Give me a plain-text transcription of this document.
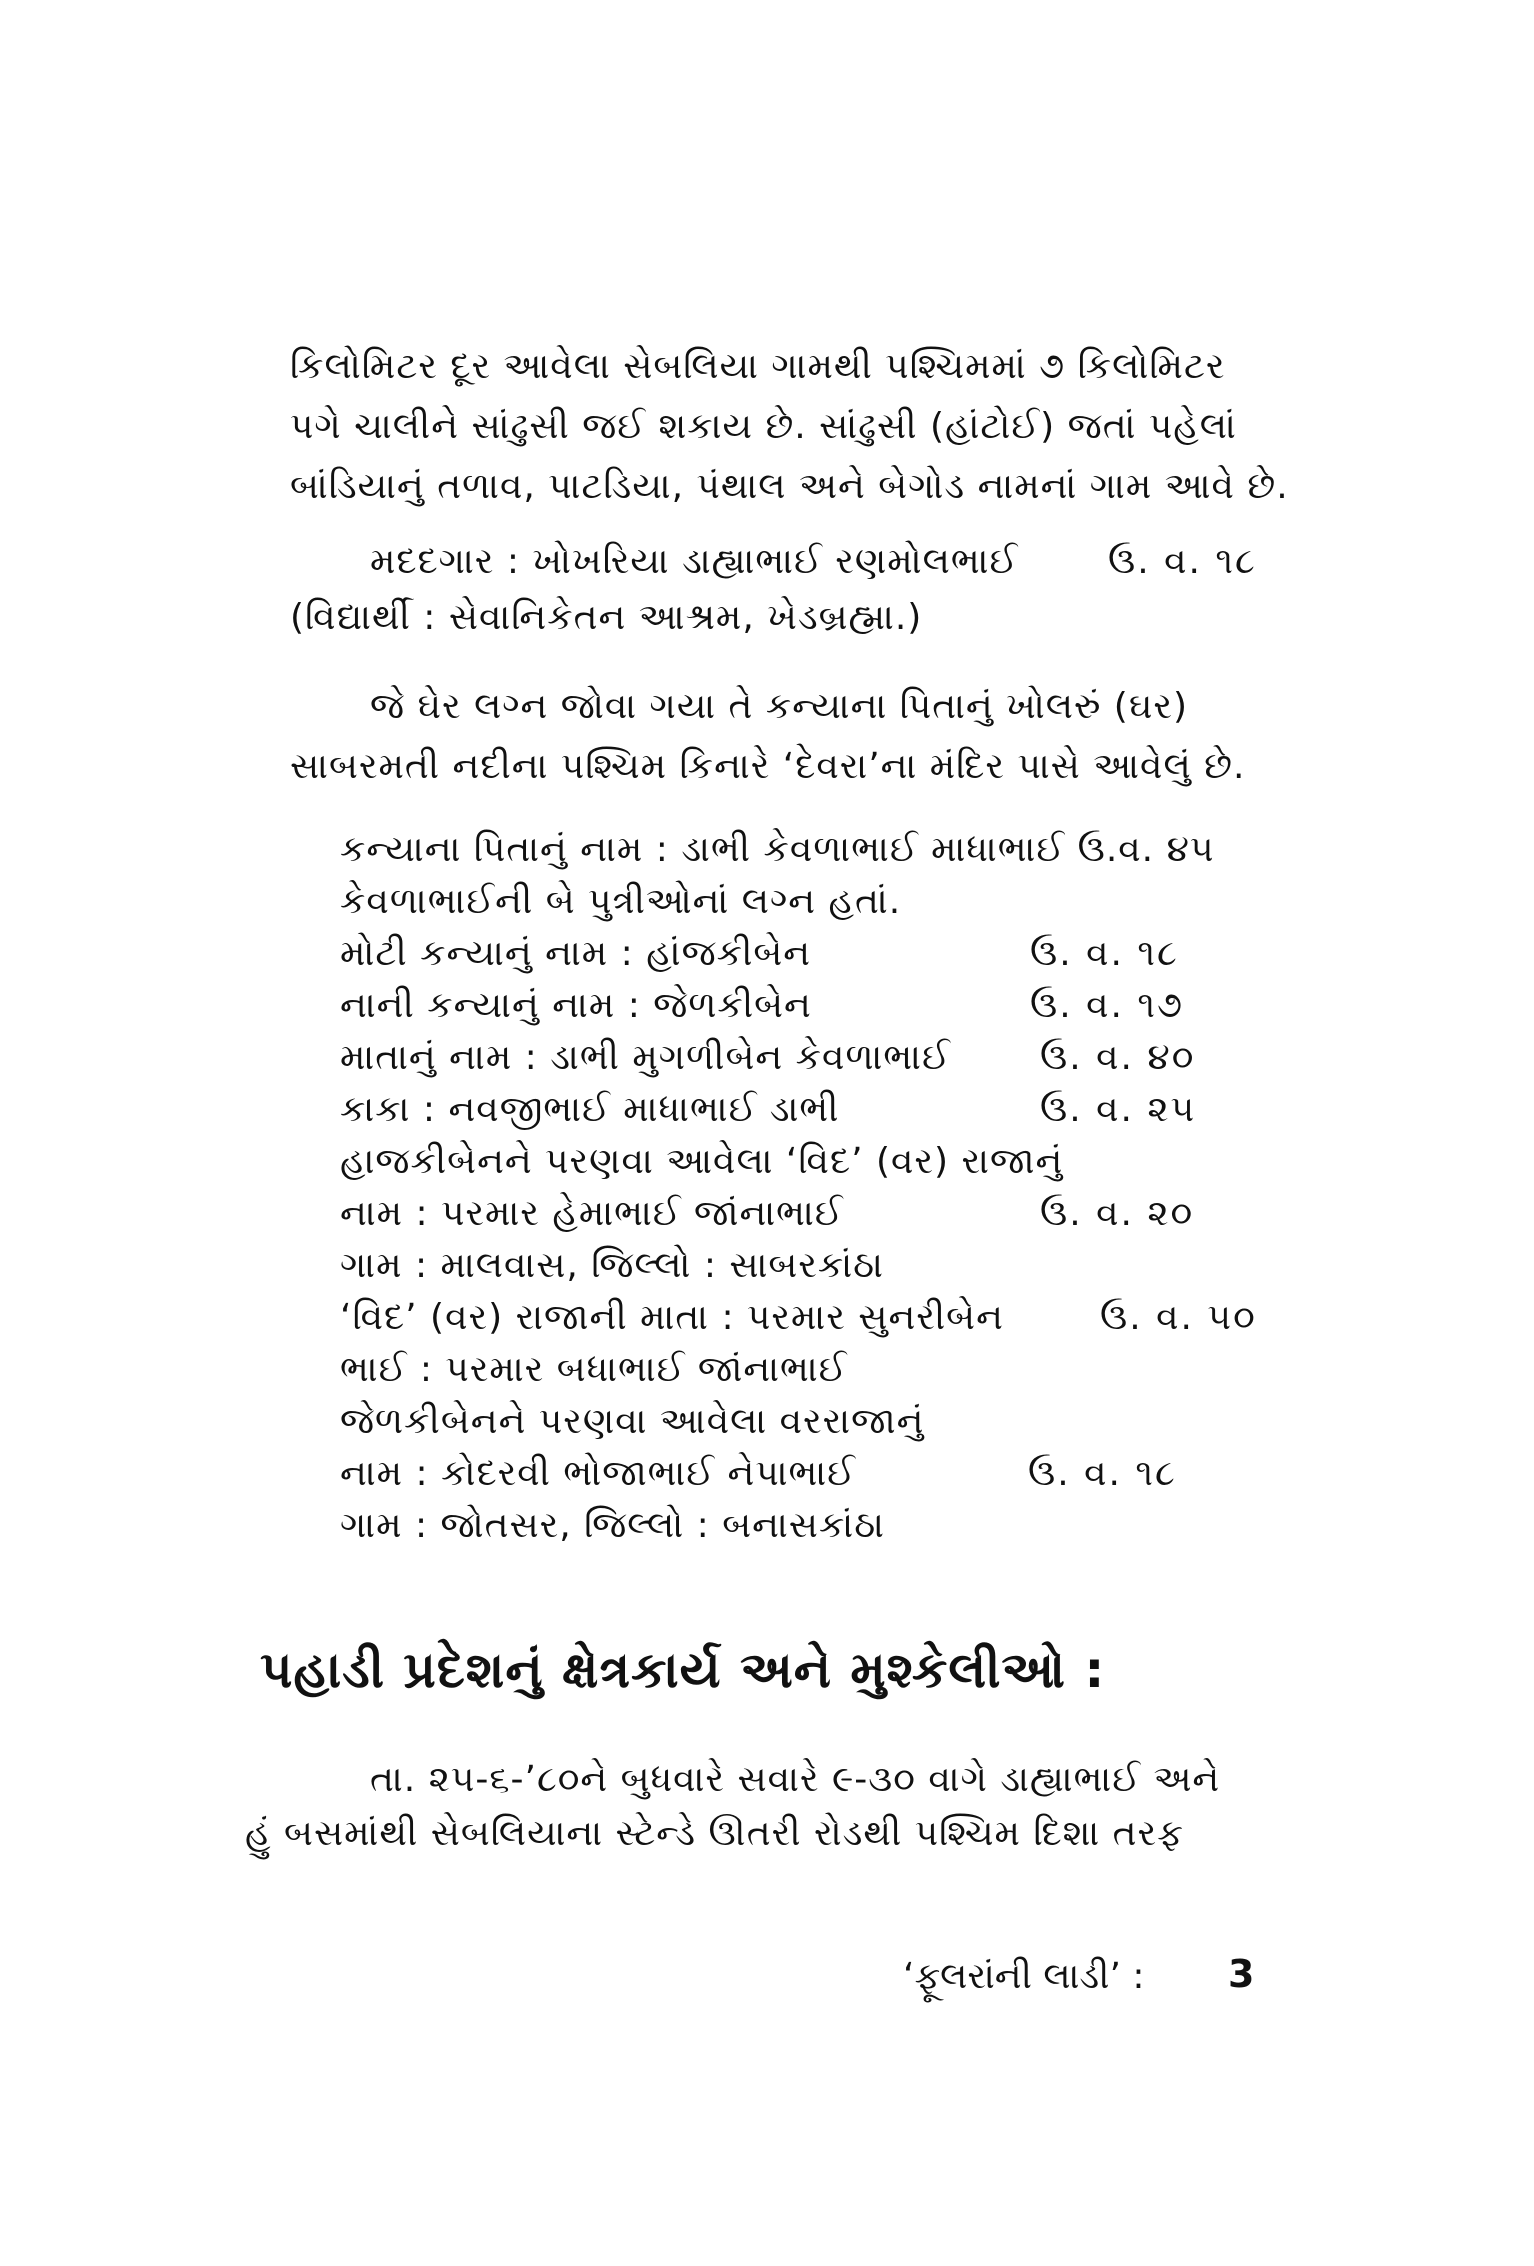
કિલોમિટર દૂર આવેલા સેબલિયા ગામથી પશ્ચિમમાં ૭ કિલોમિટર
પગે ચાલીને સાંઢુસી જઈ શકાય છે. સાંઢુસી (હાંટોઈ) જતાં પહેલાં
બાંડિયાનું તળાવ, પાટડિયા, પંથાલ અને બેગોડ નામનાં ગામ આવે છે.
મદદગાર : ખોખરિયા ડાહ્યાભાઈ રણમોલભાઈ ઉ. વ. ૧૮
(વિદ્યાર્થી : સેવાનિકેતન આશ્રમ, ખેડબ્રહ્મા.)
જે ઘેર લગ્ન જોવા ગયા તે કન્યાના પિતાનું ખોલરું (ઘર)
સાબરમતી નદીના પશ્ચિમ કિનારે ‘દેવરા’ના મંદિર પાસે આવેલું છે.
કન્યાના પિતાનું નામ : ડાભી કેવળાભાઈ માધાભાઈ ઉ.વ. ૪૫
કેવળાભાઈની બે પુત્રીઓનાં લગ્ન હતાં.
મોટી કન્યાનું નામ : હાંજકીબેન	ઉ. વ. ૧૮
નાની કન્યાનું નામ : જેળકીબેન	ઉ. વ. ૧૭
માતાનું નામ : ડાભી મુગળીબેન કેવળાભાઈ ઉ. વ. ૪૦
કાકા : નવજીભાઈ માધાભાઈ ડાભી	ઉ. વ. ૨૫
હાજકીબેનને પરણવા આવેલા ‘વિદ’ (વર) રાજાનું
નામ : પરમાર હેમાભાઈ જાંનાભાઈ	ઉ. વ. ૨૦
ગામ : માલવાસ, જિલ્લો : સાબરકાંઠા
‘વિદ’ (વર) રાજાની માતા : પરમાર સુનરીબેન	ઉ. વ. ૫૦
ભાઈ : પરમાર બધાભાઈ જાંનાભાઈ
જેળકીબેનને પરણવા આવેલા વરરાજાનું
નામ : કોદરવી ભોજાભાઈ નેપાભાઈ	ઉ. વ. ૧૮
ગામ : જોતસર, જિલ્લો : બનાસકાંઠા
પહાડી પ્રદેશનું ક્ષેત્રકાર્ય અને મુશ્કેલીઓ :
તા. ૨૫-૬-’૮૦ને બુધવારે સવારે ૯-૩૦ વાગે ડાહ્યાભાઈ અને
હું બસમાંથી સેબલિયાના સ્ટેન્ડે ઊતરી રોડથી પશ્ચિમ દિશા તરફ
‘ફૂલરાંની લાડી’ : 3
